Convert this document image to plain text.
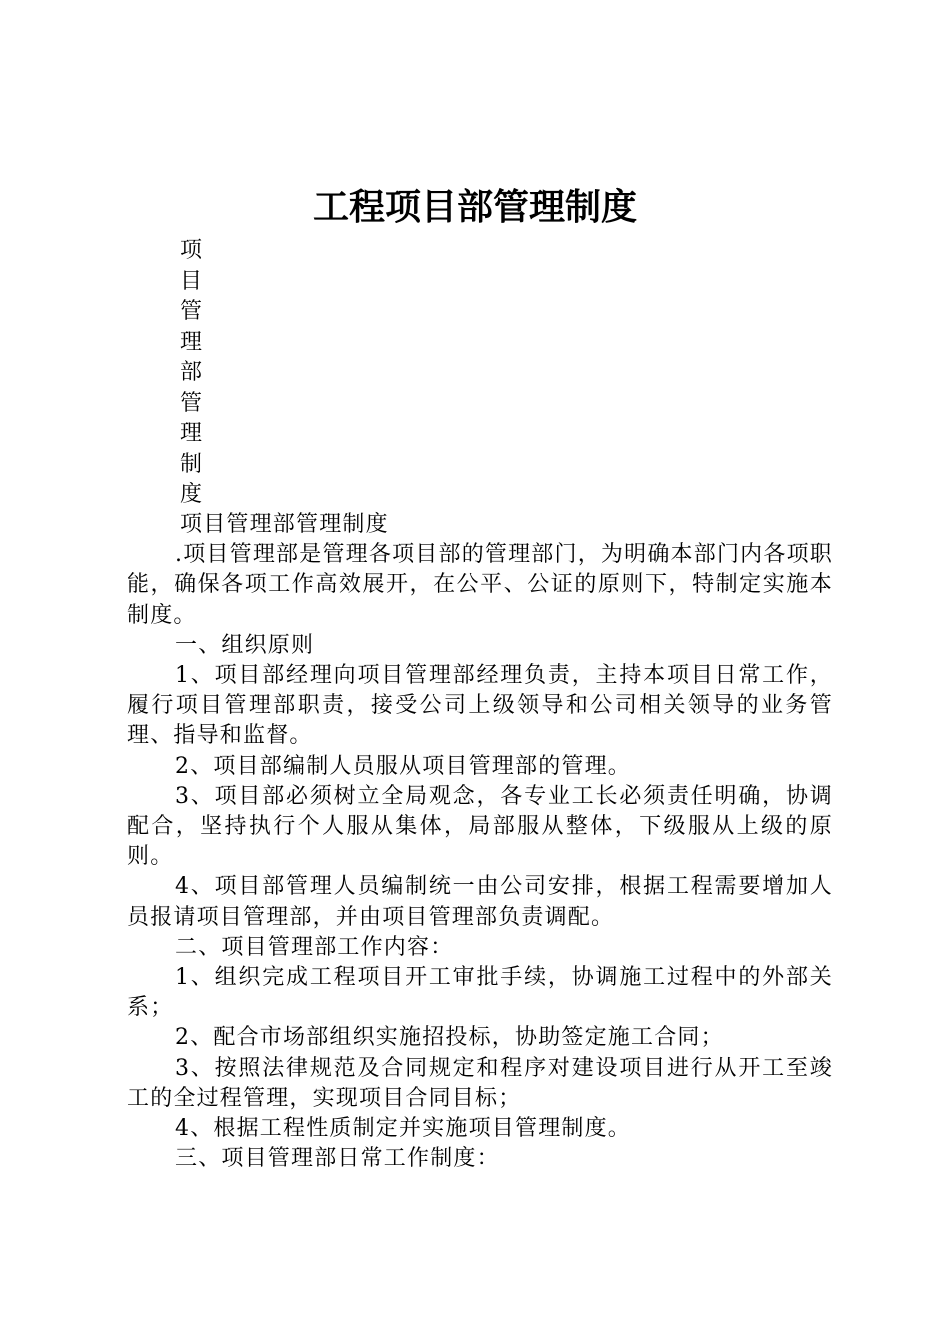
工程项目部管理制度
项
目
管
理
部
管
理
制
度

项目管理部管理制度

.项目管理部是管理各项目部的管理部门，为明确本部门内各项职能，确保各项工作高效展开，在公平、公证的原则下，特制定实施本制度。

一、组织原则

1、项目部经理向项目管理部经理负责，主持本项目日常工作，履行项目管理部职责，接受公司上级领导和公司相关领导的业务管理、指导和监督。

2、项目部编制人员服从项目管理部的管理。

3、项目部必须树立全局观念，各专业工长必须责任明确，协调配合，坚持执行个人服从集体，局部服从整体，下级服从上级的原则。

4、项目部管理人员编制统一由公司安排，根据工程需要增加人员报请项目管理部，并由项目管理部负责调配。

二、项目管理部工作内容：

1、组织完成工程项目开工审批手续，协调施工过程中的外部关系；

2、配合市场部组织实施招投标，协助签定施工合同；

3、按照法律规范及合同规定和程序对建设项目进行从开工至竣工的全过程管理，实现项目合同目标；

4、根据工程性质制定并实施项目管理制度。

三、项目管理部日常工作制度：
